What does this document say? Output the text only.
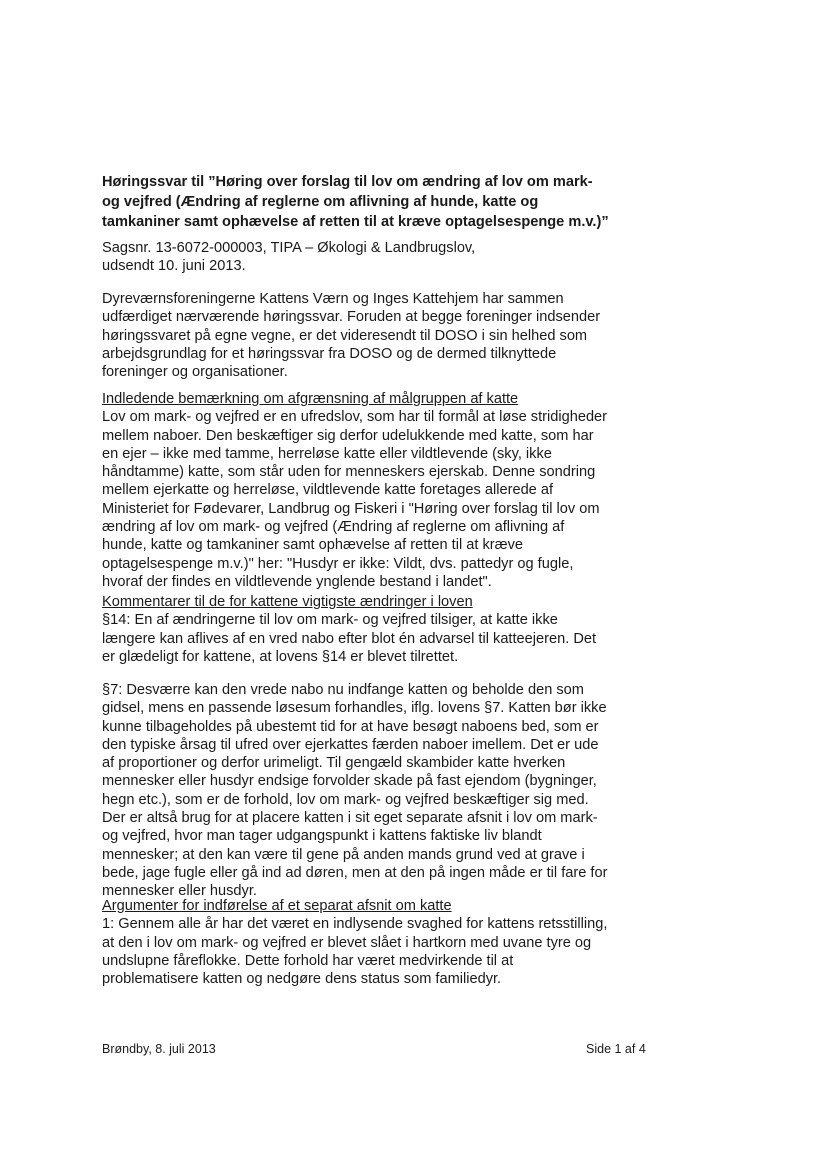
Høringssvar til ”Høring over forslag til lov om ændring af lov om mark-
og vejfred (Ændring af reglerne om aflivning af hunde, katte og
tamkaniner samt ophævelse af retten til at kræve optagelsespenge m.v.)”

Sagsnr. 13-6072-000003, TIPA – Økologi & Landbrugslov,
udsendt 10. juni 2013.

Dyreværnsforeningerne Kattens Værn og Inges Kattehjem har sammen
udfærdiget nærværende høringssvar. Foruden at begge foreninger indsender
høringssvaret på egne vegne, er det videresendt til DOSO i sin helhed som
arbejdsgrundlag for et høringssvar fra DOSO og de dermed tilknyttede
foreninger og organisationer.

Indledende bemærkning om afgrænsning af målgruppen af katte
Lov om mark- og vejfred er en ufredslov, som har til formål at løse stridigheder
mellem naboer. Den beskæftiger sig derfor udelukkende med katte, som har
en ejer – ikke med tamme, herreløse katte eller vildtlevende (sky, ikke
håndtamme) katte, som står uden for menneskers ejerskab. Denne sondring
mellem ejerkatte og herreløse, vildtlevende katte foretages allerede af
Ministeriet for Fødevarer, Landbrug og Fiskeri i "Høring over forslag til lov om
ændring af lov om mark- og vejfred (Ændring af reglerne om aflivning af
hunde, katte og tamkaniner samt ophævelse af retten til at kræve
optagelsespenge m.v.)" her: "Husdyr er ikke: Vildt, dvs. pattedyr og fugle,
hvoraf der findes en vildtlevende ynglende bestand i landet".
Kommentarer til de for kattene vigtigste ændringer i loven
§14: En af ændringerne til lov om mark- og vejfred tilsiger, at katte ikke
længere kan aflives af en vred nabo efter blot én advarsel til katteejeren. Det
er glædeligt for kattene, at lovens §14 er blevet tilrettet.
§7: Desværre kan den vrede nabo nu indfange katten og beholde den som
gidsel, mens en passende løsesum forhandles, iflg. lovens §7. Katten bør ikke
kunne tilbageholdes på ubestemt tid for at have besøgt naboens bed, som er
den typiske årsag til ufred over ejerkattes færden naboer imellem. Det er ude
af proportioner og derfor urimeligt. Til gengæld skambider katte hverken
mennesker eller husdyr endsige forvolder skade på fast ejendom (bygninger,
hegn etc.), som er de forhold, lov om mark- og vejfred beskæftiger sig med.
Der er altså brug for at placere katten i sit eget separate afsnit i lov om mark-
og vejfred, hvor man tager udgangspunkt i kattens faktiske liv blandt
mennesker; at den kan være til gene på anden mands grund ved at grave i
bede, jage fugle eller gå ind ad døren, men at den på ingen måde er til fare for
mennesker eller husdyr.
Argumenter for indførelse af et separat afsnit om katte
1: Gennem alle år har det været en indlysende svaghed for kattens retsstilling,
at den i lov om mark- og vejfred er blevet slået i hartkorn med uvane tyre og
undslupne fåreflokke. Dette forhold har været medvirkende til at
problematisere katten og nedgøre dens status som familiedyr.
Brøndby, 8. juli 2013	Side 1 af 4
